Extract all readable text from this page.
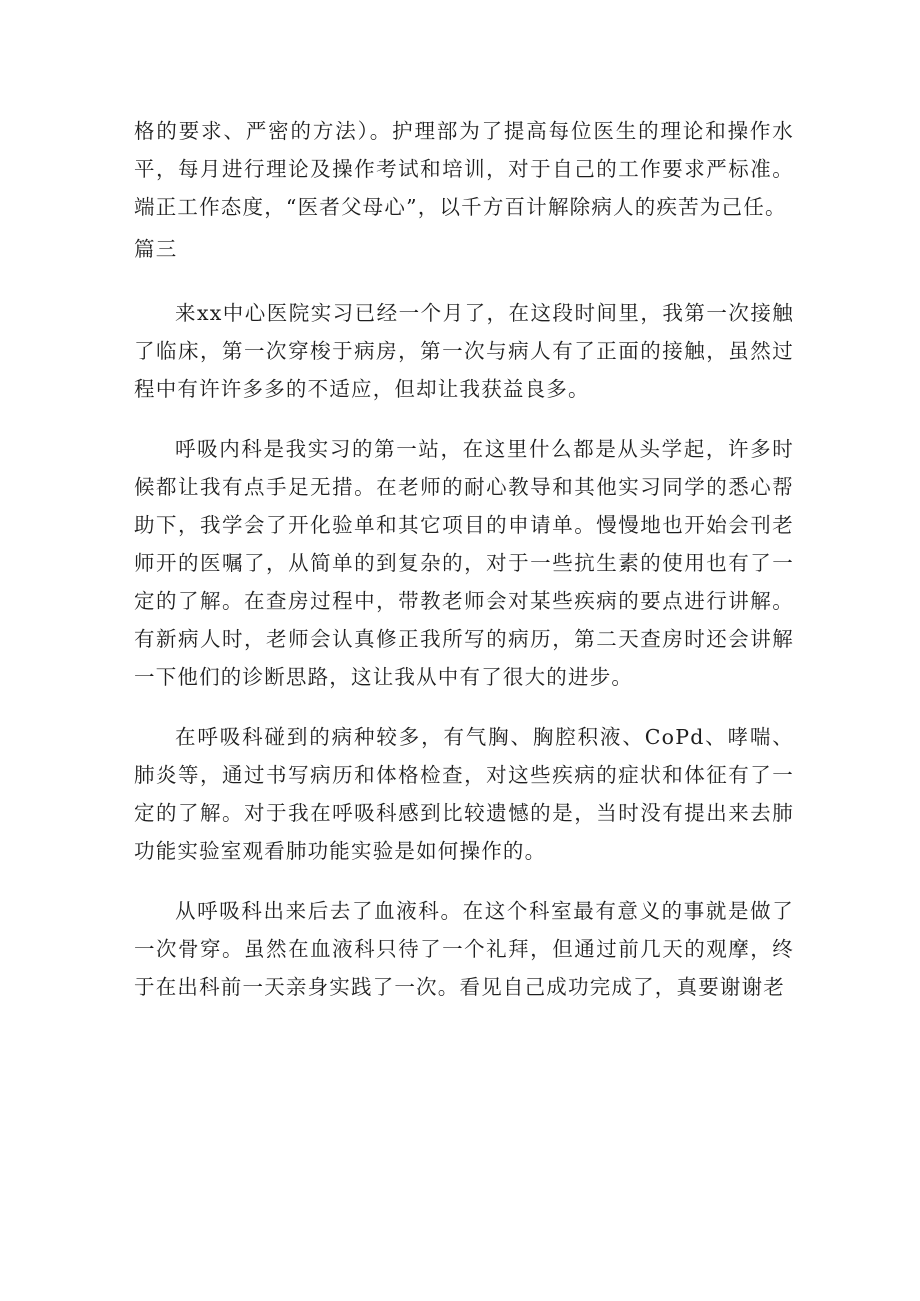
格的要求、严密的方法）。护理部为了提高每位医生的理论和操作水平，每月进行理论及操作考试和培训，对于自己的工作要求严标准。端正工作态度，“医者父母心”，以千方百计解除病人的疾苦为己任。

篇三

来xx中心医院实习已经一个月了，在这段时间里，我第一次接触了临床，第一次穿梭于病房，第一次与病人有了正面的接触，虽然过程中有许许多多的不适应，但却让我获益良多。

呼吸内科是我实习的第一站，在这里什么都是从头学起，许多时候都让我有点手足无措。在老师的耐心教导和其他实习同学的悉心帮助下，我学会了开化验单和其它项目的申请单。慢慢地也开始会刊老师开的医嘱了，从简单的到复杂的，对于一些抗生素的使用也有了一定的了解。在查房过程中，带教老师会对某些疾病的要点进行讲解。有新病人时，老师会认真修正我所写的病历，第二天查房时还会讲解一下他们的诊断思路，这让我从中有了很大的进步。

在呼吸科碰到的病种较多，有气胸、胸腔积液、CoPd、哮喘、肺炎等，通过书写病历和体格检查，对这些疾病的症状和体征有了一定的了解。对于我在呼吸科感到比较遗憾的是，当时没有提出来去肺功能实验室观看肺功能实验是如何操作的。

从呼吸科出来后去了血液科。在这个科室最有意义的事就是做了一次骨穿。虽然在血液科只待了一个礼拜，但通过前几天的观摩，终于在出科前一天亲身实践了一次。看见自己成功完成了，真要谢谢老
